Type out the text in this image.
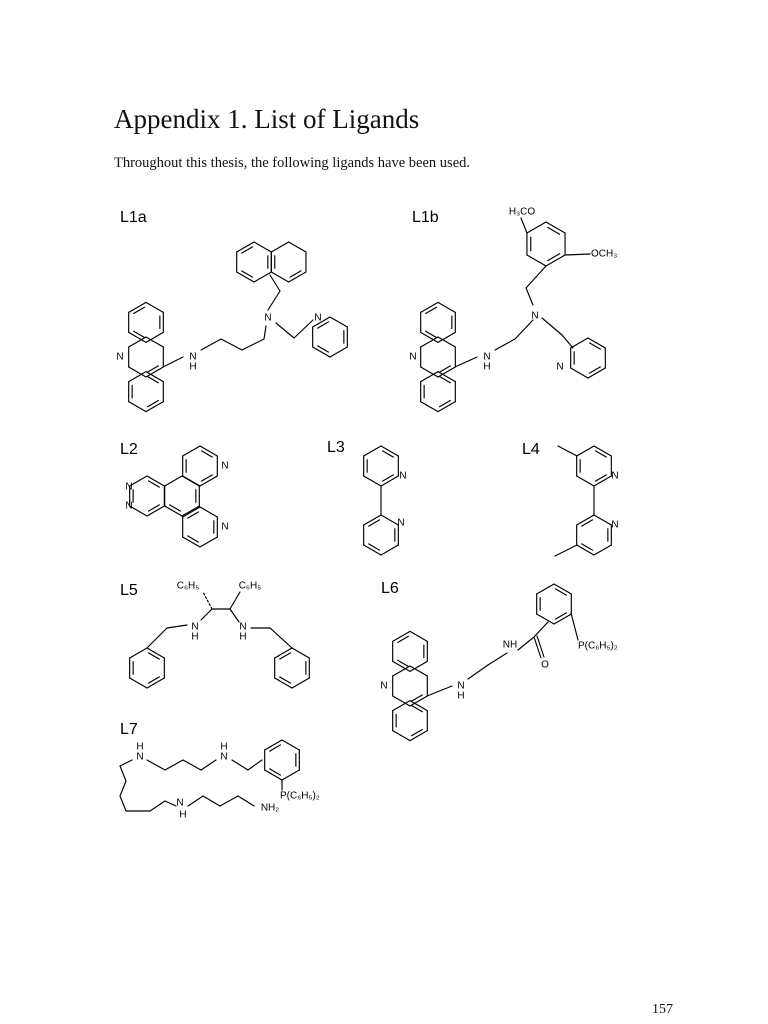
Appendix 1. List of Ligands
Throughout this thesis, the following ligands have been used.
L1a	L1b
L2	L3	L4
L5	L6
L7
N	N
H
N	N
N	N
H
N
N
H₃CO
OCH₃
N
N
N
N
N
N
N
N
N
H
N
H
C₆H₅	C₆H₅
N	N
H
NH
O
P(C₆H₅)₂
N
H
N
H
P(C₆H₅)₂
N
H
NH₂
157
